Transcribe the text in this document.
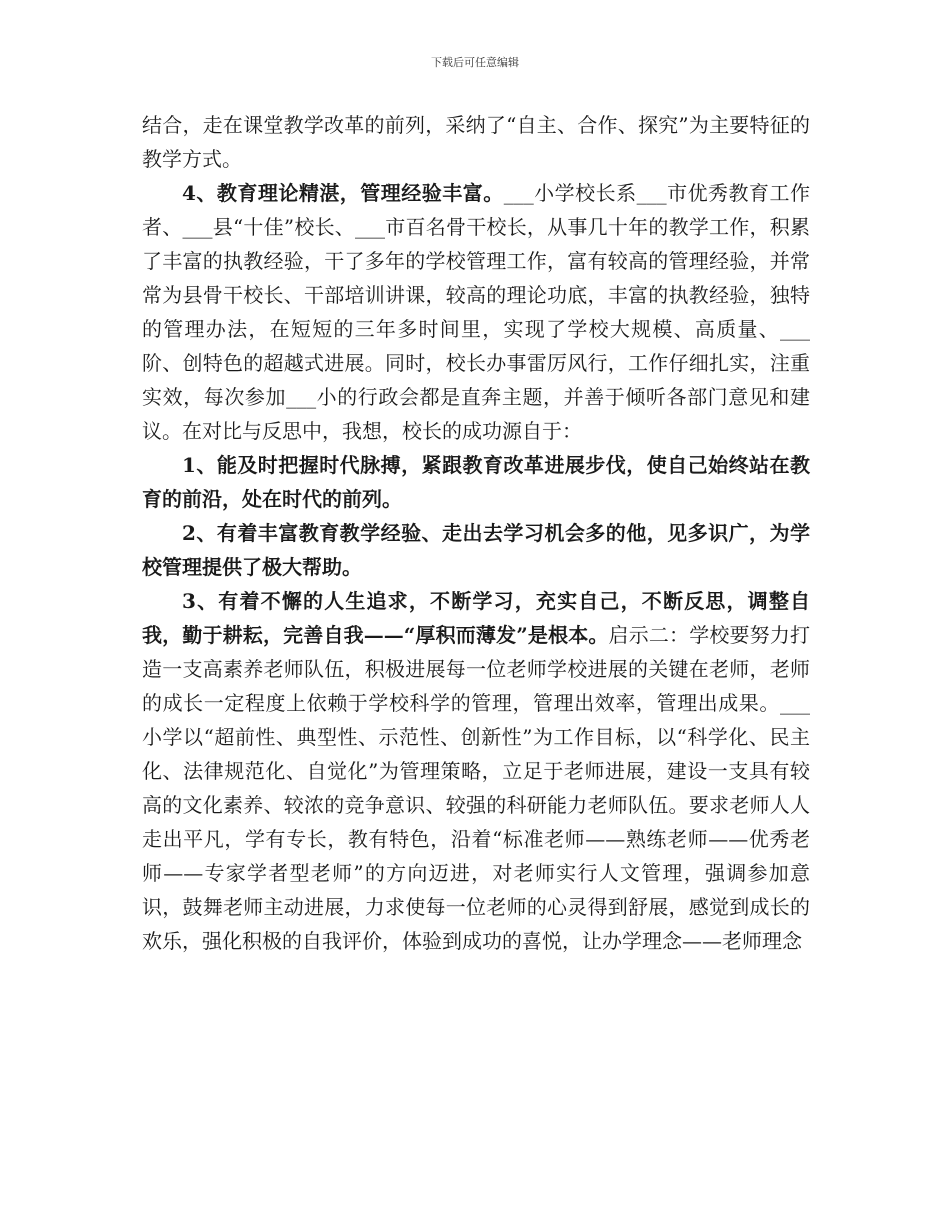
下载后可任意编辑

结合，走在课堂教学改革的前列，采纳了“自主、合作、探究”为主要特征的教学方式。

4、教育理论精湛，管理经验丰富。___小学校长系___市优秀教育工作者、___县“十佳”校长、___市百名骨干校长，从事几十年的教学工作，积累了丰富的执教经验，干了多年的学校管理工作，富有较高的管理经验，并常常为县骨干校长、干部培训讲课，较高的理论功底，丰富的执教经验，独特的管理办法，在短短的三年多时间里，实现了学校大规模、高质量、___阶、创特色的超越式进展。同时，校长办事雷厉风行，工作仔细扎实，注重实效，每次参加___小的行政会都是直奔主题，并善于倾听各部门意见和建议。在对比与反思中，我想，校长的成功源自于：

1、能及时把握时代脉搏，紧跟教育改革进展步伐，使自己始终站在教育的前沿，处在时代的前列。

2、有着丰富教育教学经验、走出去学习机会多的他，见多识广，为学校管理提供了极大帮助。

3、有着不懈的人生追求，不断学习，充实自己，不断反思，调整自我，勤于耕耘，完善自我——“厚积而薄发”是根本。启示二：学校要努力打造一支高素养老师队伍，积极进展每一位老师学校进展的关键在老师，老师的成长一定程度上依赖于学校科学的管理，管理出效率，管理出成果。___小学以“超前性、典型性、示范性、创新性”为工作目标，以“科学化、民主化、法律规范化、自觉化”为管理策略，立足于老师进展，建设一支具有较高的文化素养、较浓的竞争意识、较强的科研能力老师队伍。要求老师人人走出平凡，学有专长，教有特色，沿着“标准老师——熟练老师——优秀老师——专家学者型老师”的方向迈进，对老师实行人文管理，强调参加意识，鼓舞老师主动进展，力求使每一位老师的心灵得到舒展，感觉到成长的欢乐，强化积极的自我评价，体验到成功的喜悦，让办学理念——老师理念
